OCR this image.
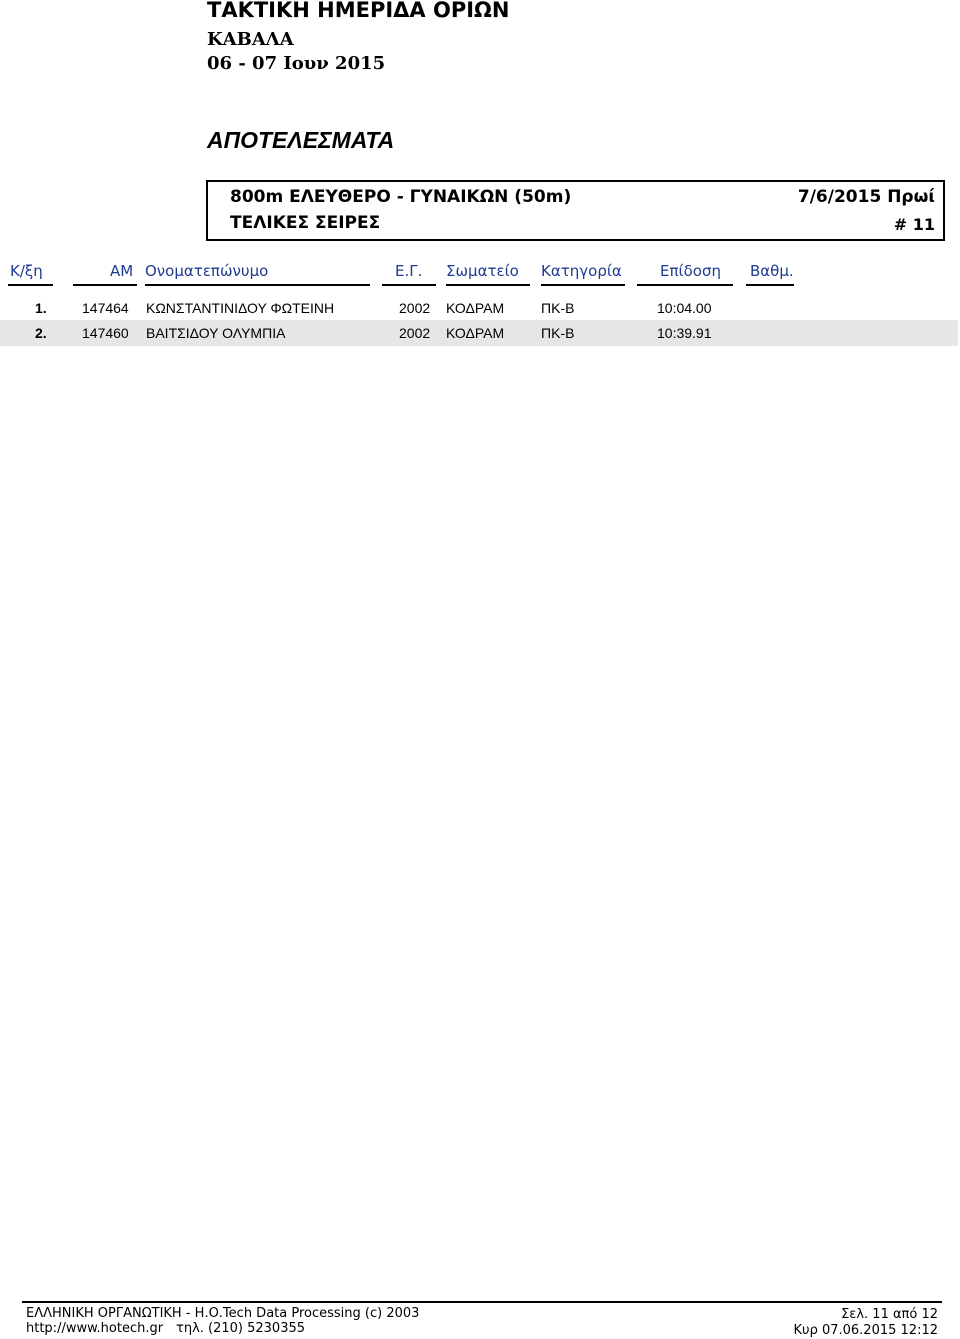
ΤΑΚΤΙΚΗ ΗΜΕΡΙΔΑ ΟΡΙΩΝ
ΚΑΒΑΛΑ
06 - 07 Ιουν 2015
ΑΠΟΤΕΛΕΣΜΑΤΑ
800m ΕΛΕΥΘΕΡΟ - ΓΥΝΑΙΚΩΝ (50m)	7/6/2015 Πρωί
ΤΕΛΙΚΕΣ ΣΕΙΡΕΣ	# 11
Κ/ξη	ΑΜ Ονοματεπώνυμο	Ε.Γ. Σωματείο Κατηγορία	Επίδοση Βαθμ.
1.	147464 ΚΩΝΣΤΑΝΤΙΝΙΔΟΥ ΦΩΤΕΙΝΗ	2002 ΚΟΔΡΑΜ	ΠΚ-Β	10:04.00
2.	147460 ΒΑΙΤΣΙΔΟΥ ΟΛΥΜΠΙΑ	2002 ΚΟΔΡΑΜ	ΠΚ-Β	10:39.91
ΕΛΛΗΝΙΚΗ ΟΡΓΑΝΩΤΙΚΗ - Η.Ο.Tech Data Processing (c) 2003
http://www.hotech.gr τηλ. (210) 5230355
Σελ. 11 από 12
Κυρ 07.06.2015 12:12
